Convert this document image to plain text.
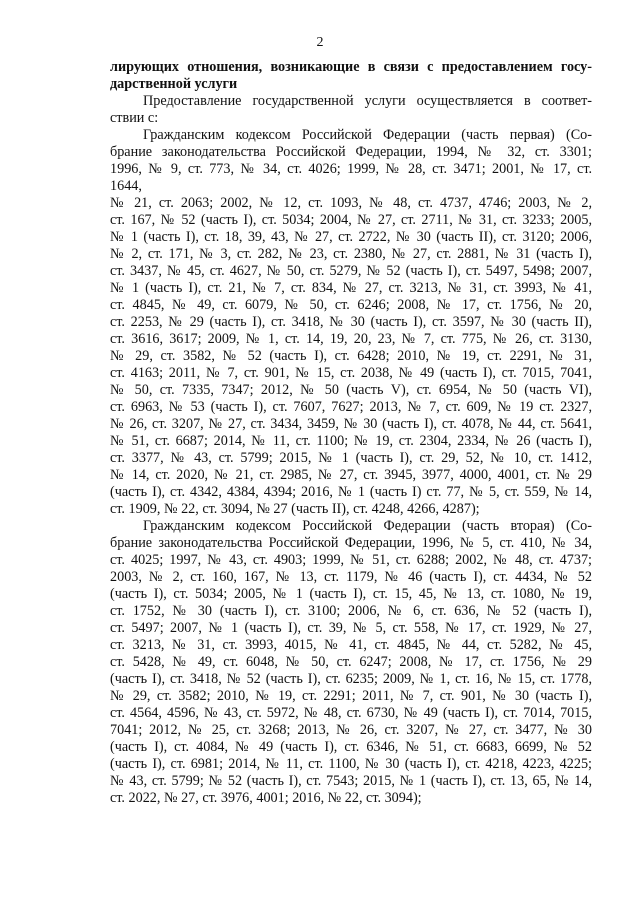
2
лирующих отношения, возникающие в связи с предоставлением госу-
дарственной услуги
Предоставление государственной услуги осуществляется в соответ-
ствии с:
Гражданским кодексом Российской Федерации (часть первая) (Со-
брание законодательства Российской Федерации, 1994, № 32, ст. 3301;
1996, № 9, ст. 773, № 34, ст. 4026; 1999, № 28, ст. 3471; 2001, № 17, ст.
1644,
№ 21, ст. 2063; 2002, № 12, ст. 1093, № 48, ст. 4737, 4746; 2003, № 2,
ст. 167, № 52 (часть I), ст. 5034; 2004, № 27, ст. 2711, № 31, ст. 3233; 2005,
№ 1 (часть I), ст. 18, 39, 43, № 27, ст. 2722, № 30 (часть II), ст. 3120; 2006,
№ 2, ст. 171, № 3, ст. 282, № 23, ст. 2380, № 27, ст. 2881, № 31 (часть I),
ст. 3437, № 45, ст. 4627, № 50, ст. 5279, № 52 (часть I), ст. 5497, 5498; 2007,
№ 1 (часть I), ст. 21, № 7, ст. 834, № 27, ст. 3213, № 31, ст. 3993, № 41,
ст. 4845, № 49, ст. 6079, № 50, ст. 6246; 2008, № 17, ст. 1756, № 20,
ст. 2253, № 29 (часть I), ст. 3418, № 30 (часть I), ст. 3597, № 30 (часть II),
ст. 3616, 3617; 2009, № 1, ст. 14, 19, 20, 23, № 7, ст. 775, № 26, ст. 3130,
№ 29, ст. 3582, № 52 (часть I), ст. 6428; 2010, № 19, ст. 2291, № 31,
ст. 4163; 2011, № 7, ст. 901, № 15, ст. 2038, № 49 (часть I), ст. 7015, 7041,
№ 50, ст. 7335, 7347; 2012, № 50 (часть V), ст. 6954, № 50 (часть VI),
ст. 6963, № 53 (часть I), ст. 7607, 7627; 2013, № 7, ст. 609, № 19 ст. 2327,
№ 26, ст. 3207, № 27, ст. 3434, 3459, № 30 (часть I), ст. 4078, № 44, ст. 5641,
№ 51, ст. 6687; 2014, № 11, ст. 1100; № 19, ст. 2304, 2334, № 26 (часть I),
ст. 3377, № 43, ст. 5799; 2015, № 1 (часть I), ст. 29, 52, № 10, ст. 1412,
№ 14, ст. 2020, № 21, ст. 2985, № 27, ст. 3945, 3977, 4000, 4001, ст. № 29
(часть I), ст. 4342, 4384, 4394; 2016, № 1 (часть I) ст. 77, № 5, ст. 559, № 14,
ст. 1909, № 22, ст. 3094, № 27 (часть II), ст. 4248, 4266, 4287);
Гражданским кодексом Российской Федерации (часть вторая) (Со-
брание законодательства Российской Федерации, 1996, № 5, ст. 410, № 34,
ст. 4025; 1997, № 43, ст. 4903; 1999, № 51, ст. 6288; 2002, № 48, ст. 4737;
2003, № 2, ст. 160, 167, № 13, ст. 1179, № 46 (часть I), ст. 4434, № 52
(часть I), ст. 5034; 2005, № 1 (часть I), ст. 15, 45, № 13, ст. 1080, № 19,
ст. 1752, № 30 (часть I), ст. 3100; 2006, № 6, ст. 636, № 52 (часть I),
ст. 5497; 2007, № 1 (часть I), ст. 39, № 5, ст. 558, № 17, ст. 1929, № 27,
ст. 3213, № 31, ст. 3993, 4015, № 41, ст. 4845, № 44, ст. 5282, № 45,
ст. 5428, № 49, ст. 6048, № 50, ст. 6247; 2008, № 17, ст. 1756, № 29
(часть I), ст. 3418, № 52 (часть I), ст. 6235; 2009, № 1, ст. 16, № 15, ст. 1778,
№ 29, ст. 3582; 2010, № 19, ст. 2291; 2011, № 7, ст. 901, № 30 (часть I),
ст. 4564, 4596, № 43, ст. 5972, № 48, ст. 6730, № 49 (часть I), ст. 7014, 7015,
7041; 2012, № 25, ст. 3268; 2013, № 26, ст. 3207, № 27, ст. 3477, № 30
(часть I), ст. 4084, № 49 (часть I), ст. 6346, № 51, ст. 6683, 6699, № 52
(часть I), ст. 6981; 2014, № 11, ст. 1100, № 30 (часть I), ст. 4218, 4223, 4225;
№ 43, ст. 5799; № 52 (часть I), ст. 7543; 2015, № 1 (часть I), ст. 13, 65, № 14,
ст. 2022, № 27, ст. 3976, 4001; 2016, № 22, ст. 3094);
